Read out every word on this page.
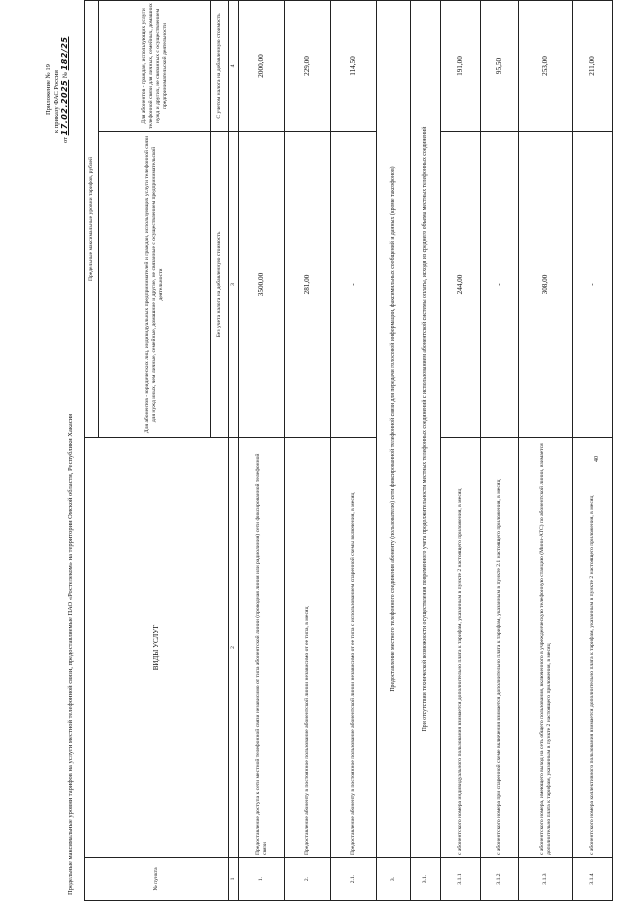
40
Приложение № 19 к приказу ФАС России
от 17.02.2025 № 182/25
Предельные максимальные уровни тарифов на услуги местной телефонной связи, предоставляемые ПАО «Ростелеком» на территории Омской области, Республики Хакасия	№ пункта	ВИДЫ УСЛУГ	Предельные максимальные уровни тарифов, рублей	
		Для абонентов - юридических лиц, индивидуальных предпринимателей и граждан, использующих услуги телефонной связи для нужд иных, чем личные, семейные, домашние и другие, не связанные с осуществлением предпринимательской деятельности	Для абонентов - граждан, использующих услуги телефонной связи для личных, семейных, домашних нужд и других, не связанных с осуществлением предпринимательской деятельности
		Без учета налога на добавленную стоимость	С учетом налога на добавленную стоимость
1	2	3	4
1.	Предоставление доступа к сети местной телефонной связи независимо от типа абонентской линии (проводная линия или радиолиния) сети фиксированной телефонной связи	3500,00	2000,00
2.	Предоставление абоненту в постоянное пользование абонентской линии независимо от ее типа, в месяц	281,00	229,00
2.1.	Предоставление абоненту в постоянное пользование абонентской линии независимо от ее типа с использованием спаренной схемы включения, в месяц	-	114,50
3.	Предоставление местного телефонного соединения абоненту (пользователю) сети фиксированной телефонной связи для передачи голосовой информации, факсимильных сообщений и данных (кроме таксофонов)		
3.1.	При отсутствии технической возможности осуществления повременного учета продолжительности местных телефонных соединений с использованием абонентской системы оплаты, исходя из среднего объема местных телефонных соединений		
3.1.1	с абонентского номера индивидуального пользования взимается дополнительно плата к тарифам, указанным в пункте 2 настоящего приложения, в месяц	244,00	191,00
3.1.2	с абонентского номера при спаренной схеме включения взимается дополнительно плата к тарифам, указанным в пункте 2.1 настоящего приложения, в месяц	-	95,50
3.1.3	с абонентского номера, имеющего выход на сеть общего пользования, включенного в учрежденческую телефонную станцию (Мини-АТС) по абонентской линии, взимается дополнительно плата к тарифам, указанным в пункте 2 настоящего приложения, в месяц	308,00	253,00
3.1.4	с абонентского номера коллективного пользования взимается дополнительно плата к тарифам, указанным в пункте 2 настоящего приложения, в месяц	-	211,00
